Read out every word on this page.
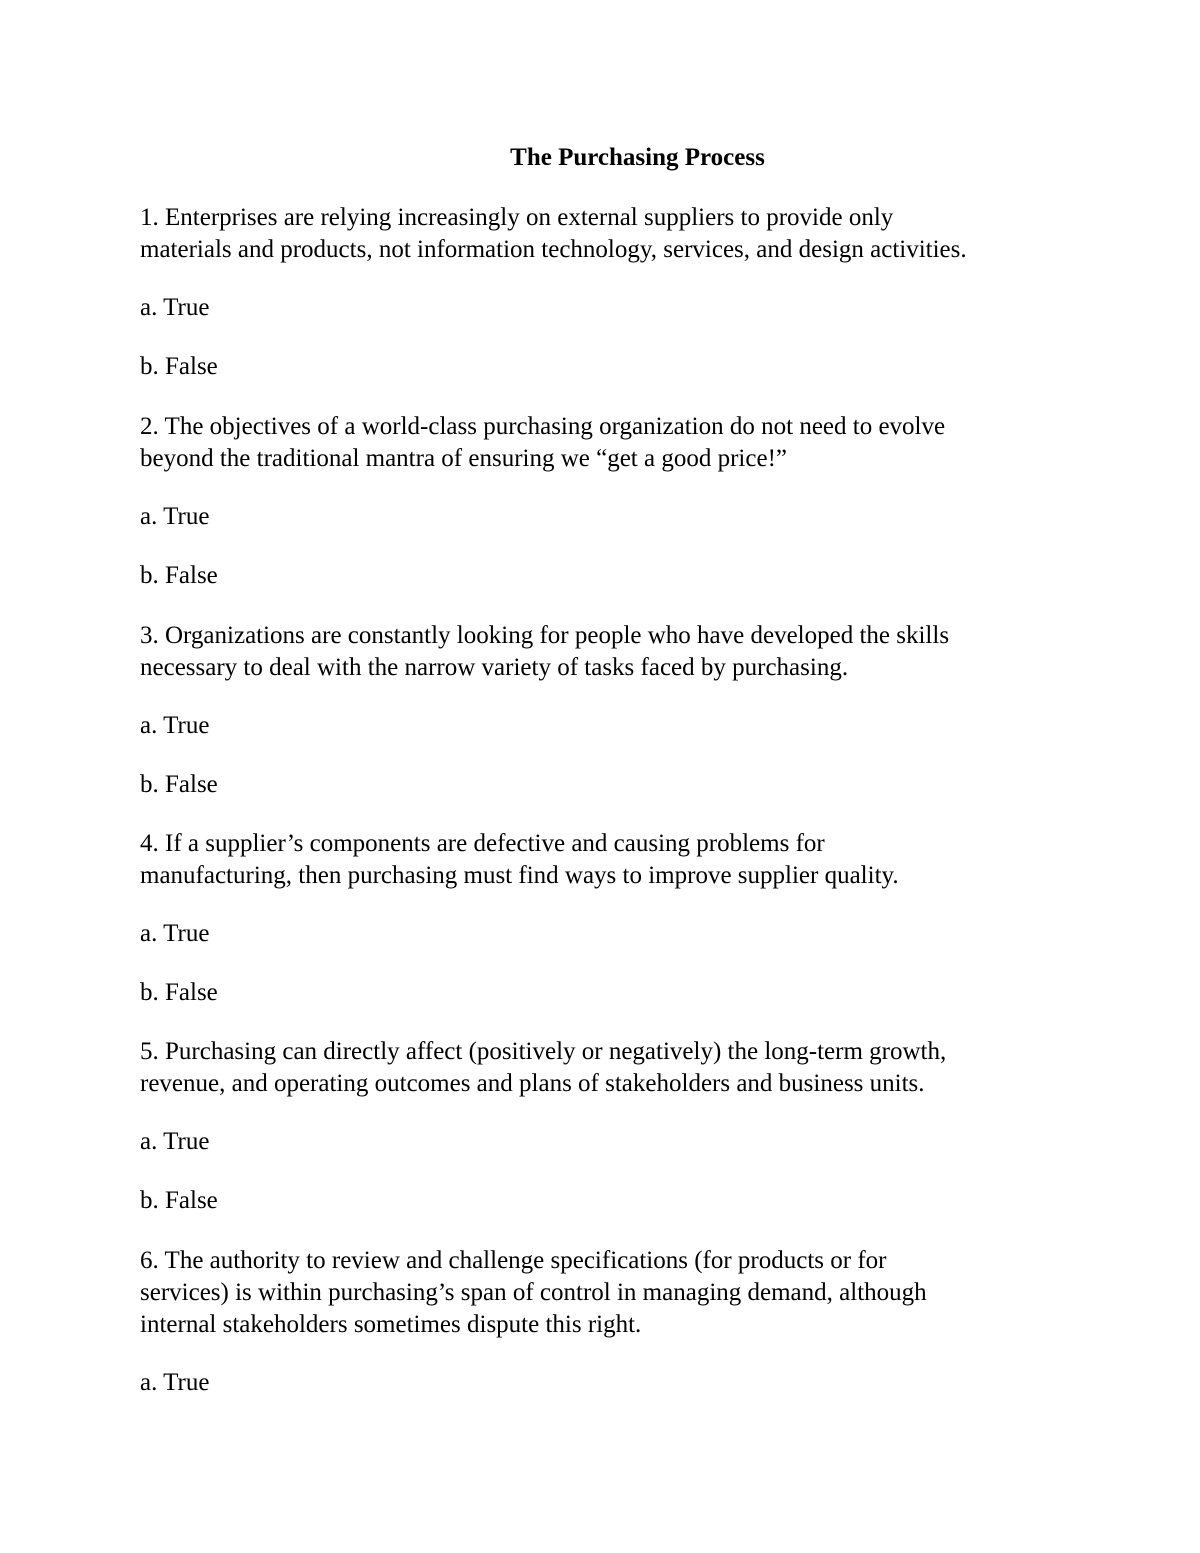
The Purchasing Process
1. Enterprises are relying increasingly on external suppliers to provide only
materials and products, not information technology, services, and design activities.
a. True
b. False
2. The objectives of a world-class purchasing organization do not need to evolve
beyond the traditional mantra of ensuring we “get a good price!”
a. True
b. False
3. Organizations are constantly looking for people who have developed the skills
necessary to deal with the narrow variety of tasks faced by purchasing.
a. True
b. False
4. If a supplier’s components are defective and causing problems for
manufacturing, then purchasing must find ways to improve supplier quality.
a. True
b. False
5. Purchasing can directly affect (positively or negatively) the long-term growth,
revenue, and operating outcomes and plans of stakeholders and business units.
a. True
b. False
6. The authority to review and challenge specifications (for products or for
services) is within purchasing’s span of control in managing demand, although
internal stakeholders sometimes dispute this right.
a. True
